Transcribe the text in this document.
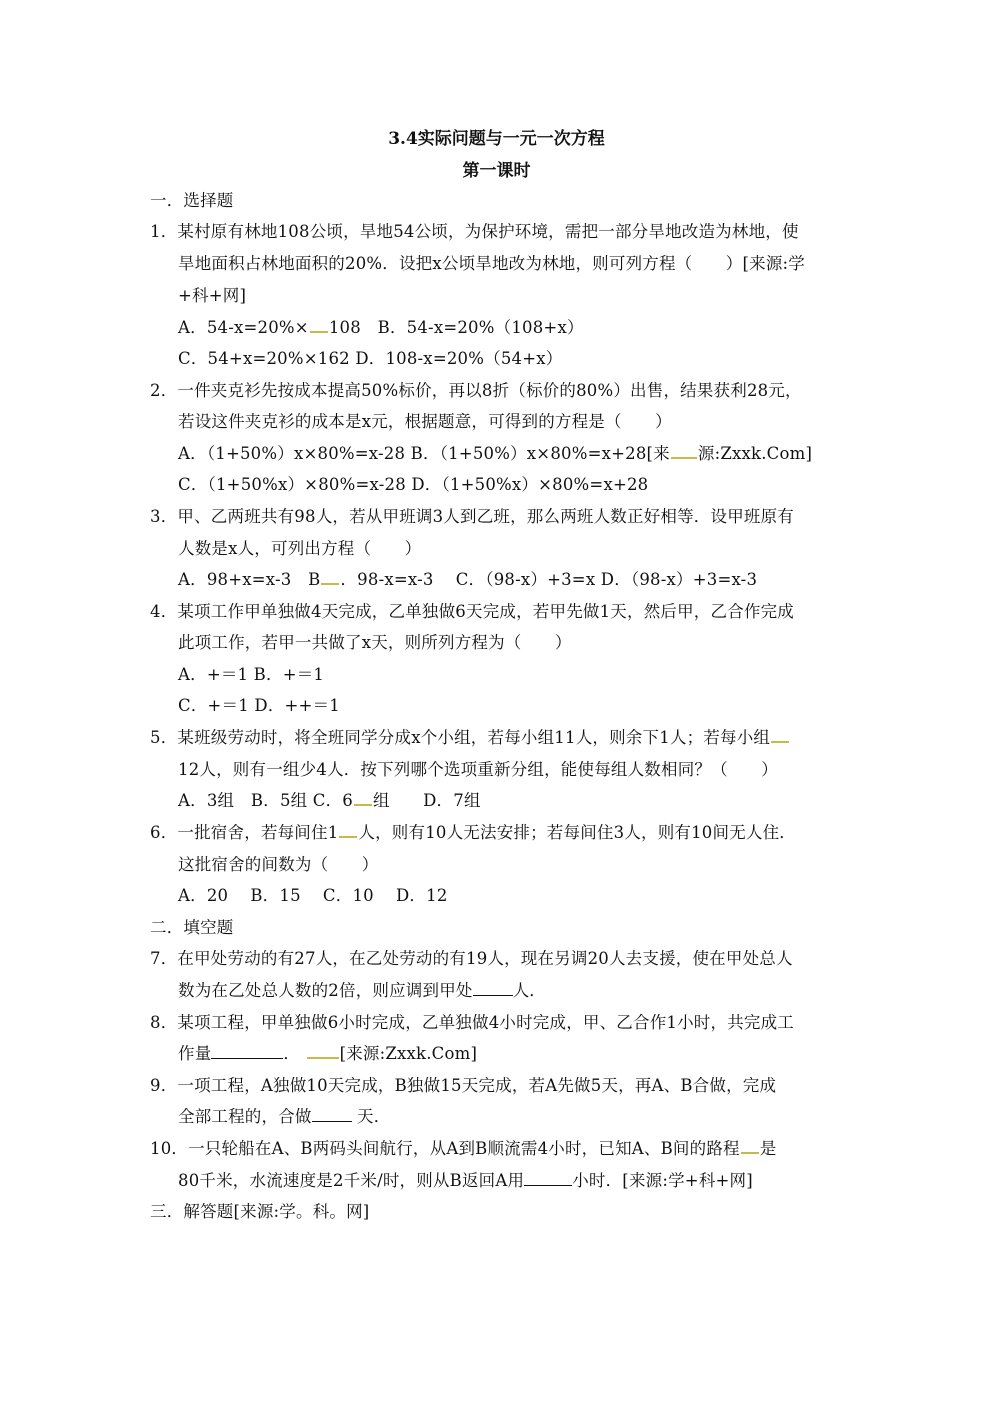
3.4实际问题与一元一次方程
第一课时
一．选择题
1．某村原有林地108公顷，旱地54公顷，为保护环境，需把一部分旱地改造为林地，使
旱地面积占林地面积的20%．设把x公顷旱地改为林地，则可列方程（　　）[来源:学
+科+网]
A．54-x=20%× 108　B．54-x=20%（108+x）
C．54+x=20%×162 D．108-x=20%（54+x）
2．一件夹克衫先按成本提高50%标价，再以8折（标价的80%）出售，结果获利28元，
若设这件夹克衫的成本是x元，根据题意，可得到的方程是（　　）
A．（1+50%）x×80%=x-28 B．（1+50%）x×80%=x+28[来 源:Zxxk.Com]
C．（1+50%x）×80%=x-28 D．（1+50%x）×80%=x+28
3．甲、乙两班共有98人，若从甲班调3人到乙班，那么两班人数正好相等．设甲班原有
人数是x人，可列出方程（　　）
A．98+x=x-3　B ．98-x=x-3　 C．（98-x）+3=x D．（98-x）+3=x-3
4．某项工作甲单独做4天完成，乙单独做6天完成，若甲先做1天，然后甲，乙合作完成
此项工作，若甲一共做了x天，则所列方程为（　　）
A．+＝1 B．+＝1
C．+＝1 D．++＝1
5．某班级劳动时，将全班同学分成x个小组，若每小组11人，则余下1人；若每小组
12人，则有一组少4人．按下列哪个选项重新分组，能使每组人数相同？（　　）
A．3组　B．5组 C．6 组　　D．7组
6．一批宿舍，若每间住1 人，则有10人无法安排；若每间住3人，则有10间无人住．
这批宿舍的间数为（　　）
A．20　 B．15　 C．10　 D．12
二．填空题
7．在甲处劳动的有27人，在乙处劳动的有19人，现在另调20人去支援，使在甲处总人
数为在乙处总人数的2倍，则应调到甲处 人．
8．某项工程，甲单独做6小时完成，乙单独做4小时完成，甲、乙合作1小时，共完成工
作量	． [来源:Zxxk.Com]
9．一项工程，A独做10天完成，B独做15天完成，若A先做5天，再A、B合做，完成
全部工程的，合做 天．
10．一只轮船在A、B两码头间航行，从A到B顺流需4小时，已知A、B间的路程 是
80千米，水流速度是2千米/时，则从B返回A用	小时．[来源:学+科+网]
三．解答题[来源:学。科。网]
